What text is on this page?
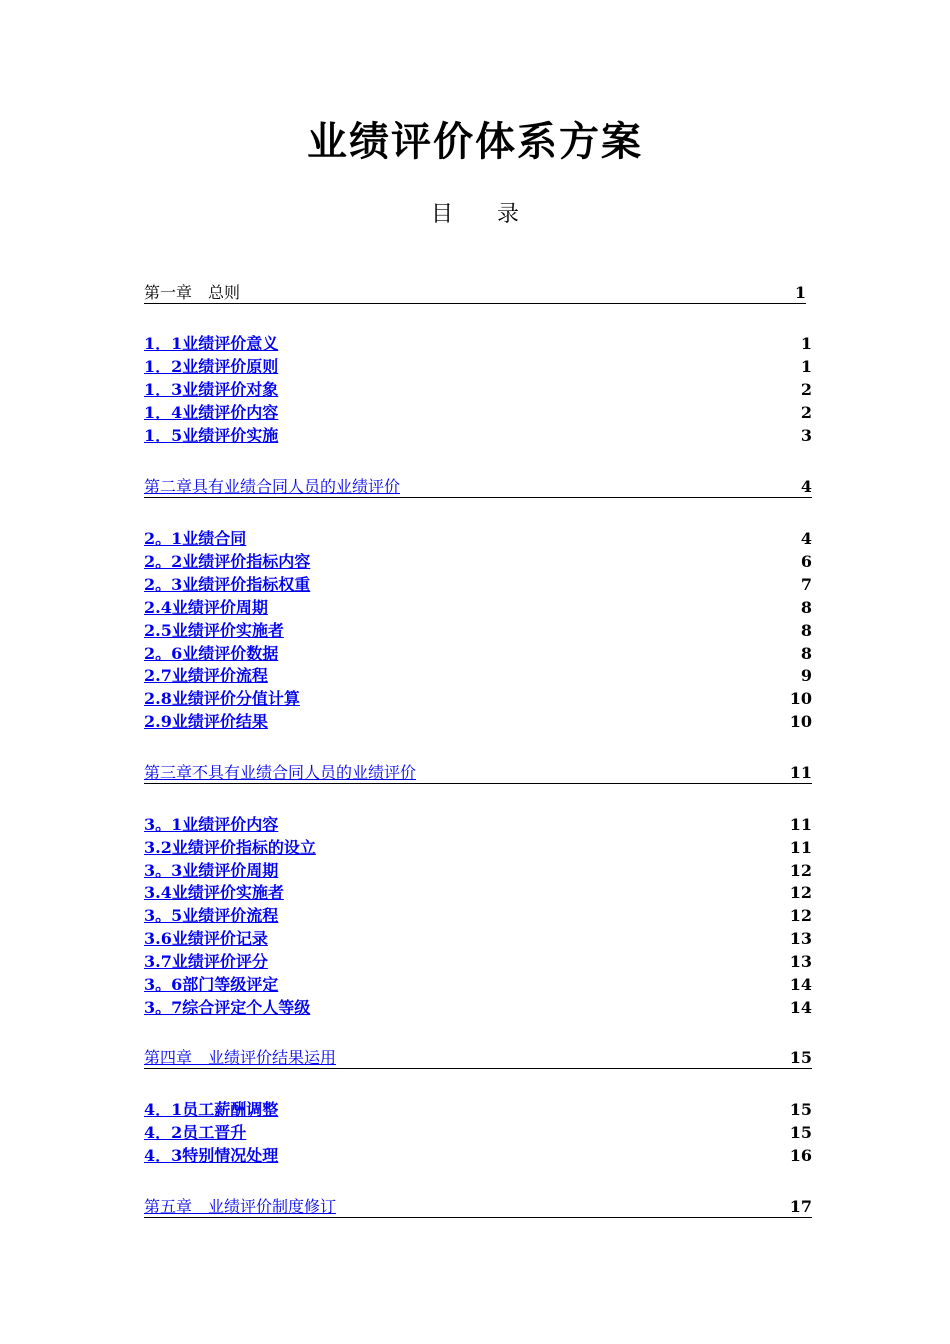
业绩评价体系方案
目 录
第一章　总则	1
1．1业绩评价意义	1
1．2业绩评价原则	1
1．3业绩评价对象	2
1．4业绩评价内容	2
1．5业绩评价实施	3
第二章具有业绩合同人员的业绩评价	4
2。1业绩合同	4
2。2业绩评价指标内容	6
2。3业绩评价指标权重	7
2.4业绩评价周期	8
2.5业绩评价实施者	8
2。6业绩评价数据	8
2.7业绩评价流程	9
2.8业绩评价分值计算	10
2.9业绩评价结果	10
第三章不具有业绩合同人员的业绩评价	11
3。1业绩评价内容	11
3.2业绩评价指标的设立	11
3。3业绩评价周期	12
3.4业绩评价实施者	12
3。5业绩评价流程	12
3.6业绩评价记录	13
3.7业绩评价评分	13
3。6部门等级评定	14
3。7综合评定个人等级	14
第四章　业绩评价结果运用	15
4．1员工薪酬调整	15
4．2员工晋升	15
4．3特别情况处理	16
第五章　业绩评价制度修订	17
